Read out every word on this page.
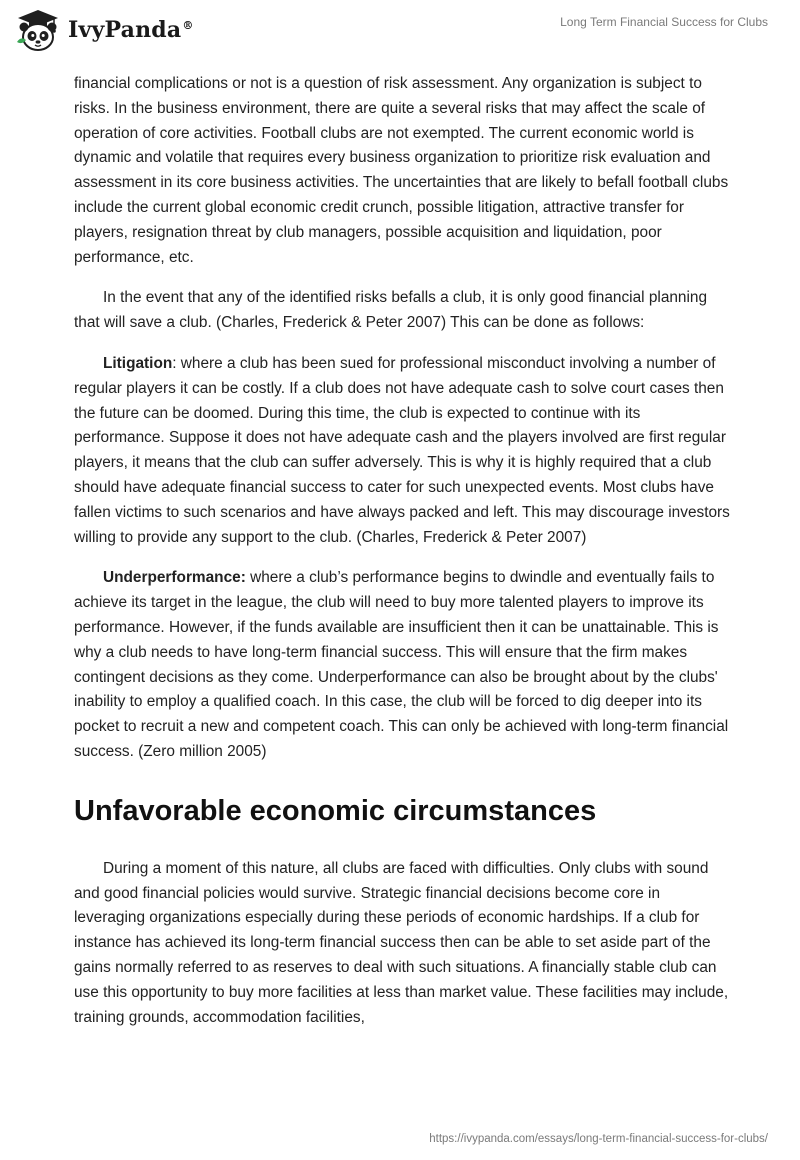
IvyPanda®	Long Term Financial Success for Clubs

financial complications or not is a question of risk assessment. Any organization is subject to risks. In the business environment, there are quite a several risks that may affect the scale of operation of core activities. Football clubs are not exempted. The current economic world is dynamic and volatile that requires every business organization to prioritize risk evaluation and assessment in its core business activities. The uncertainties that are likely to befall football clubs include the current global economic credit crunch, possible litigation, attractive transfer for players, resignation threat by club managers, possible acquisition and liquidation, poor performance, etc.

In the event that any of the identified risks befalls a club, it is only good financial planning that will save a club. (Charles, Frederick & Peter 2007) This can be done as follows:

Litigation: where a club has been sued for professional misconduct involving a number of regular players it can be costly. If a club does not have adequate cash to solve court cases then the future can be doomed. During this time, the club is expected to continue with its performance. Suppose it does not have adequate cash and the players involved are first regular players, it means that the club can suffer adversely. This is why it is highly required that a club should have adequate financial success to cater for such unexpected events. Most clubs have fallen victims to such scenarios and have always packed and left. This may discourage investors willing to provide any support to the club. (Charles, Frederick & Peter 2007)

Underperformance: where a club’s performance begins to dwindle and eventually fails to achieve its target in the league, the club will need to buy more talented players to improve its performance. However, if the funds available are insufficient then it can be unattainable. This is why a club needs to have long-term financial success. This will ensure that the firm makes contingent decisions as they come. Underperformance can also be brought about by the clubs' inability to employ a qualified coach. In this case, the club will be forced to dig deeper into its pocket to recruit a new and competent coach. This can only be achieved with long-term financial success. (Zero million 2005)

Unfavorable economic circumstances

During a moment of this nature, all clubs are faced with difficulties. Only clubs with sound and good financial policies would survive. Strategic financial decisions become core in leveraging organizations especially during these periods of economic hardships. If a club for instance has achieved its long-term financial success then can be able to set aside part of the gains normally referred to as reserves to deal with such situations. A financially stable club can use this opportunity to buy more facilities at less than market value. These facilities may include, training grounds, accommodation facilities,

https://ivypanda.com/essays/long-term-financial-success-for-clubs/
